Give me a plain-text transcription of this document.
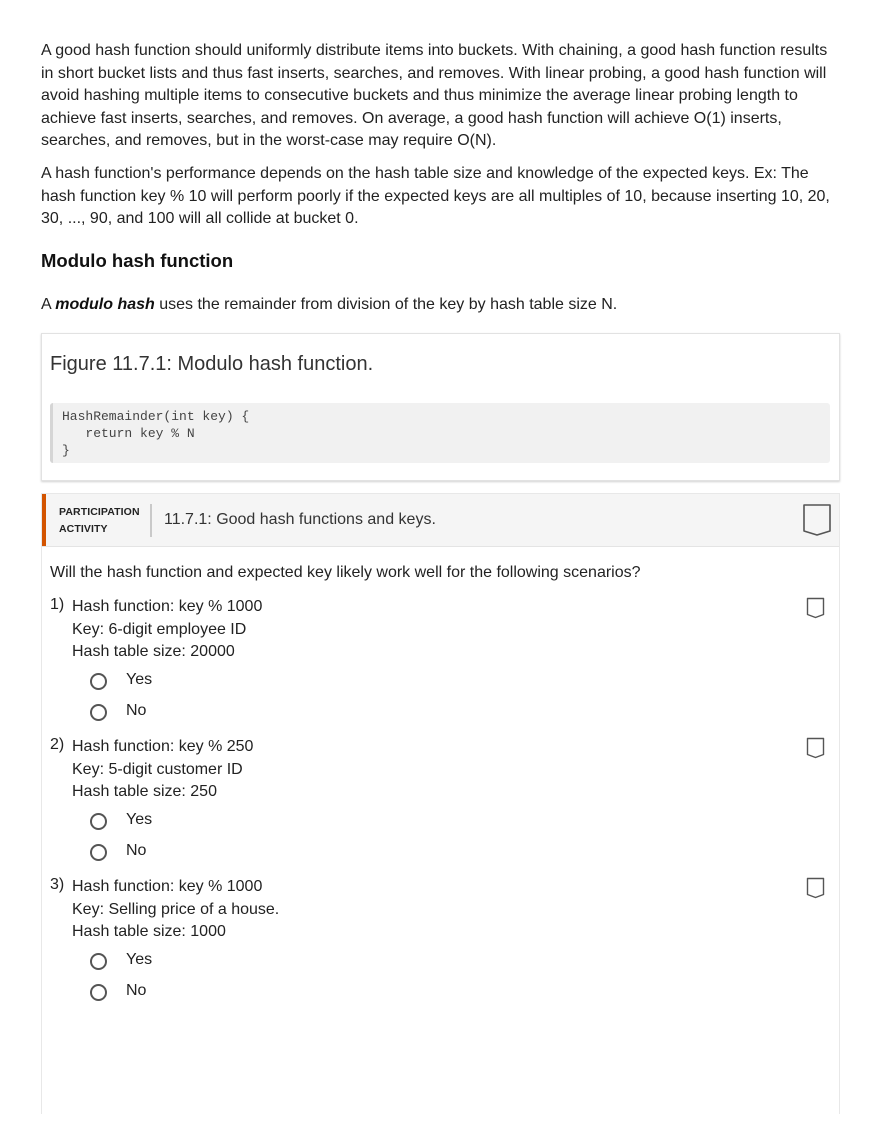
A good hash function should uniformly distribute items into buckets. With chaining, a good hash function results in short bucket lists and thus fast inserts, searches, and removes. With linear probing, a good hash function will avoid hashing multiple items to consecutive buckets and thus minimize the average linear probing length to achieve fast inserts, searches, and removes. On average, a good hash function will achieve O(1) inserts, searches, and removes, but in the worst-case may require O(N).

A hash function's performance depends on the hash table size and knowledge of the expected keys. Ex: The hash function key % 10 will perform poorly if the expected keys are all multiples of 10, because inserting 10, 20, 30, ..., 90, and 100 will all collide at bucket 0.

Modulo hash function

A modulo hash uses the remainder from division of the key by hash table size N.

Figure 11.7.1: Modulo hash function.
HashRemainder(int key) {
return key % N
}
PARTICIPATION
ACTIVITY
11.7.1: Good hash functions and keys.

Will the hash function and expected key likely work well for the following scenarios?

1) Hash function: key % 1000
Key: 6-digit employee ID
Hash table size: 20000
Yes
No
2) Hash function: key % 250
Key: 5-digit customer ID
Hash table size: 250
Yes
No
3) Hash function: key % 1000
Key: Selling price of a house.
Hash table size: 1000
Yes
No
